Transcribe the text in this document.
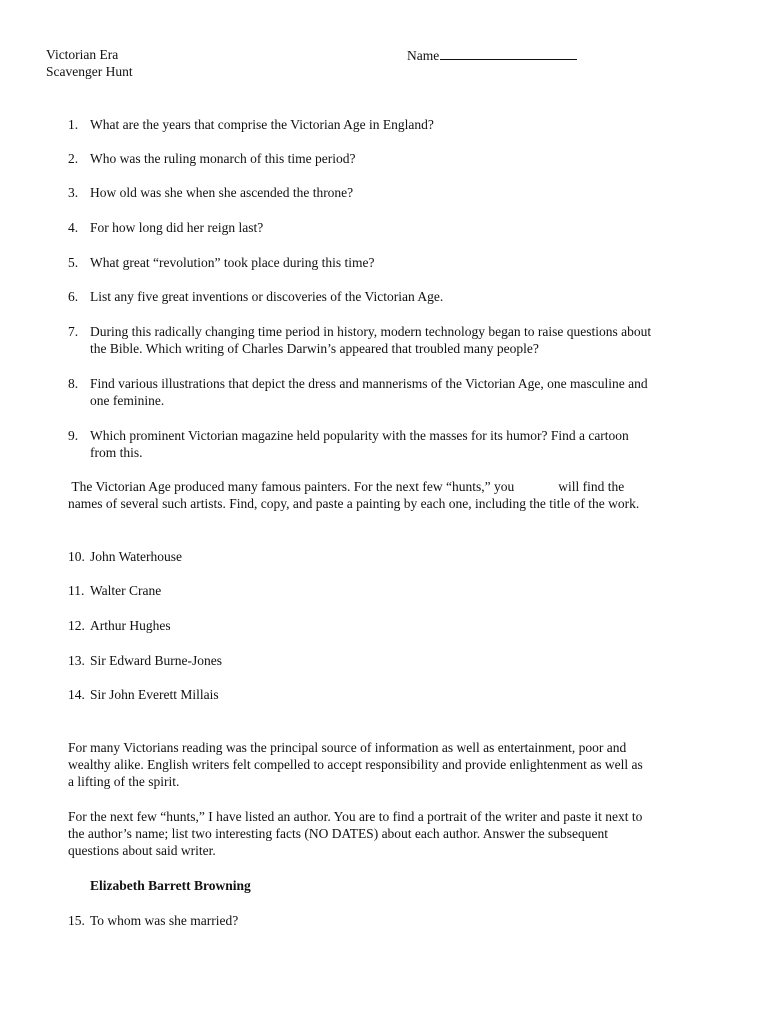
Victorian Era
Scavenger Hunt
Name
1. What are the years that comprise the Victorian Age in England?
2. Who was the ruling monarch of this time period?
3. How old was she when she ascended the throne?
4. For how long did her reign last?
5. What great “revolution” took place during this time?
6. List any five great inventions or discoveries of the Victorian Age.
7. During this radically changing time period in history, modern technology began to raise questions about
the Bible. Which writing of Charles Darwin’s appeared that troubled many people?
8. Find various illustrations that depict the dress and mannerisms of the Victorian Age, one masculine and
one feminine.
9. Which prominent Victorian magazine held popularity with the masses for its humor? Find a cartoon
from this.
The Victorian Age produced many famous painters. For the next few “hunts,” you	will find the
names of several such artists. Find, copy, and paste a painting by each one, including the title of the work.
10. John Waterhouse
11. Walter Crane
12. Arthur Hughes
13. Sir Edward Burne-Jones
14. Sir John Everett Millais
For many Victorians reading was the principal source of information as well as entertainment, poor and
wealthy alike. English writers felt compelled to accept responsibility and provide enlightenment as well as
a lifting of the spirit.
For the next few “hunts,” I have listed an author. You are to find a portrait of the writer and paste it next to
the author’s name; list two interesting facts (NO DATES) about each author. Answer the subsequent
questions about said writer.
Elizabeth Barrett Browning
15. To whom was she married?
